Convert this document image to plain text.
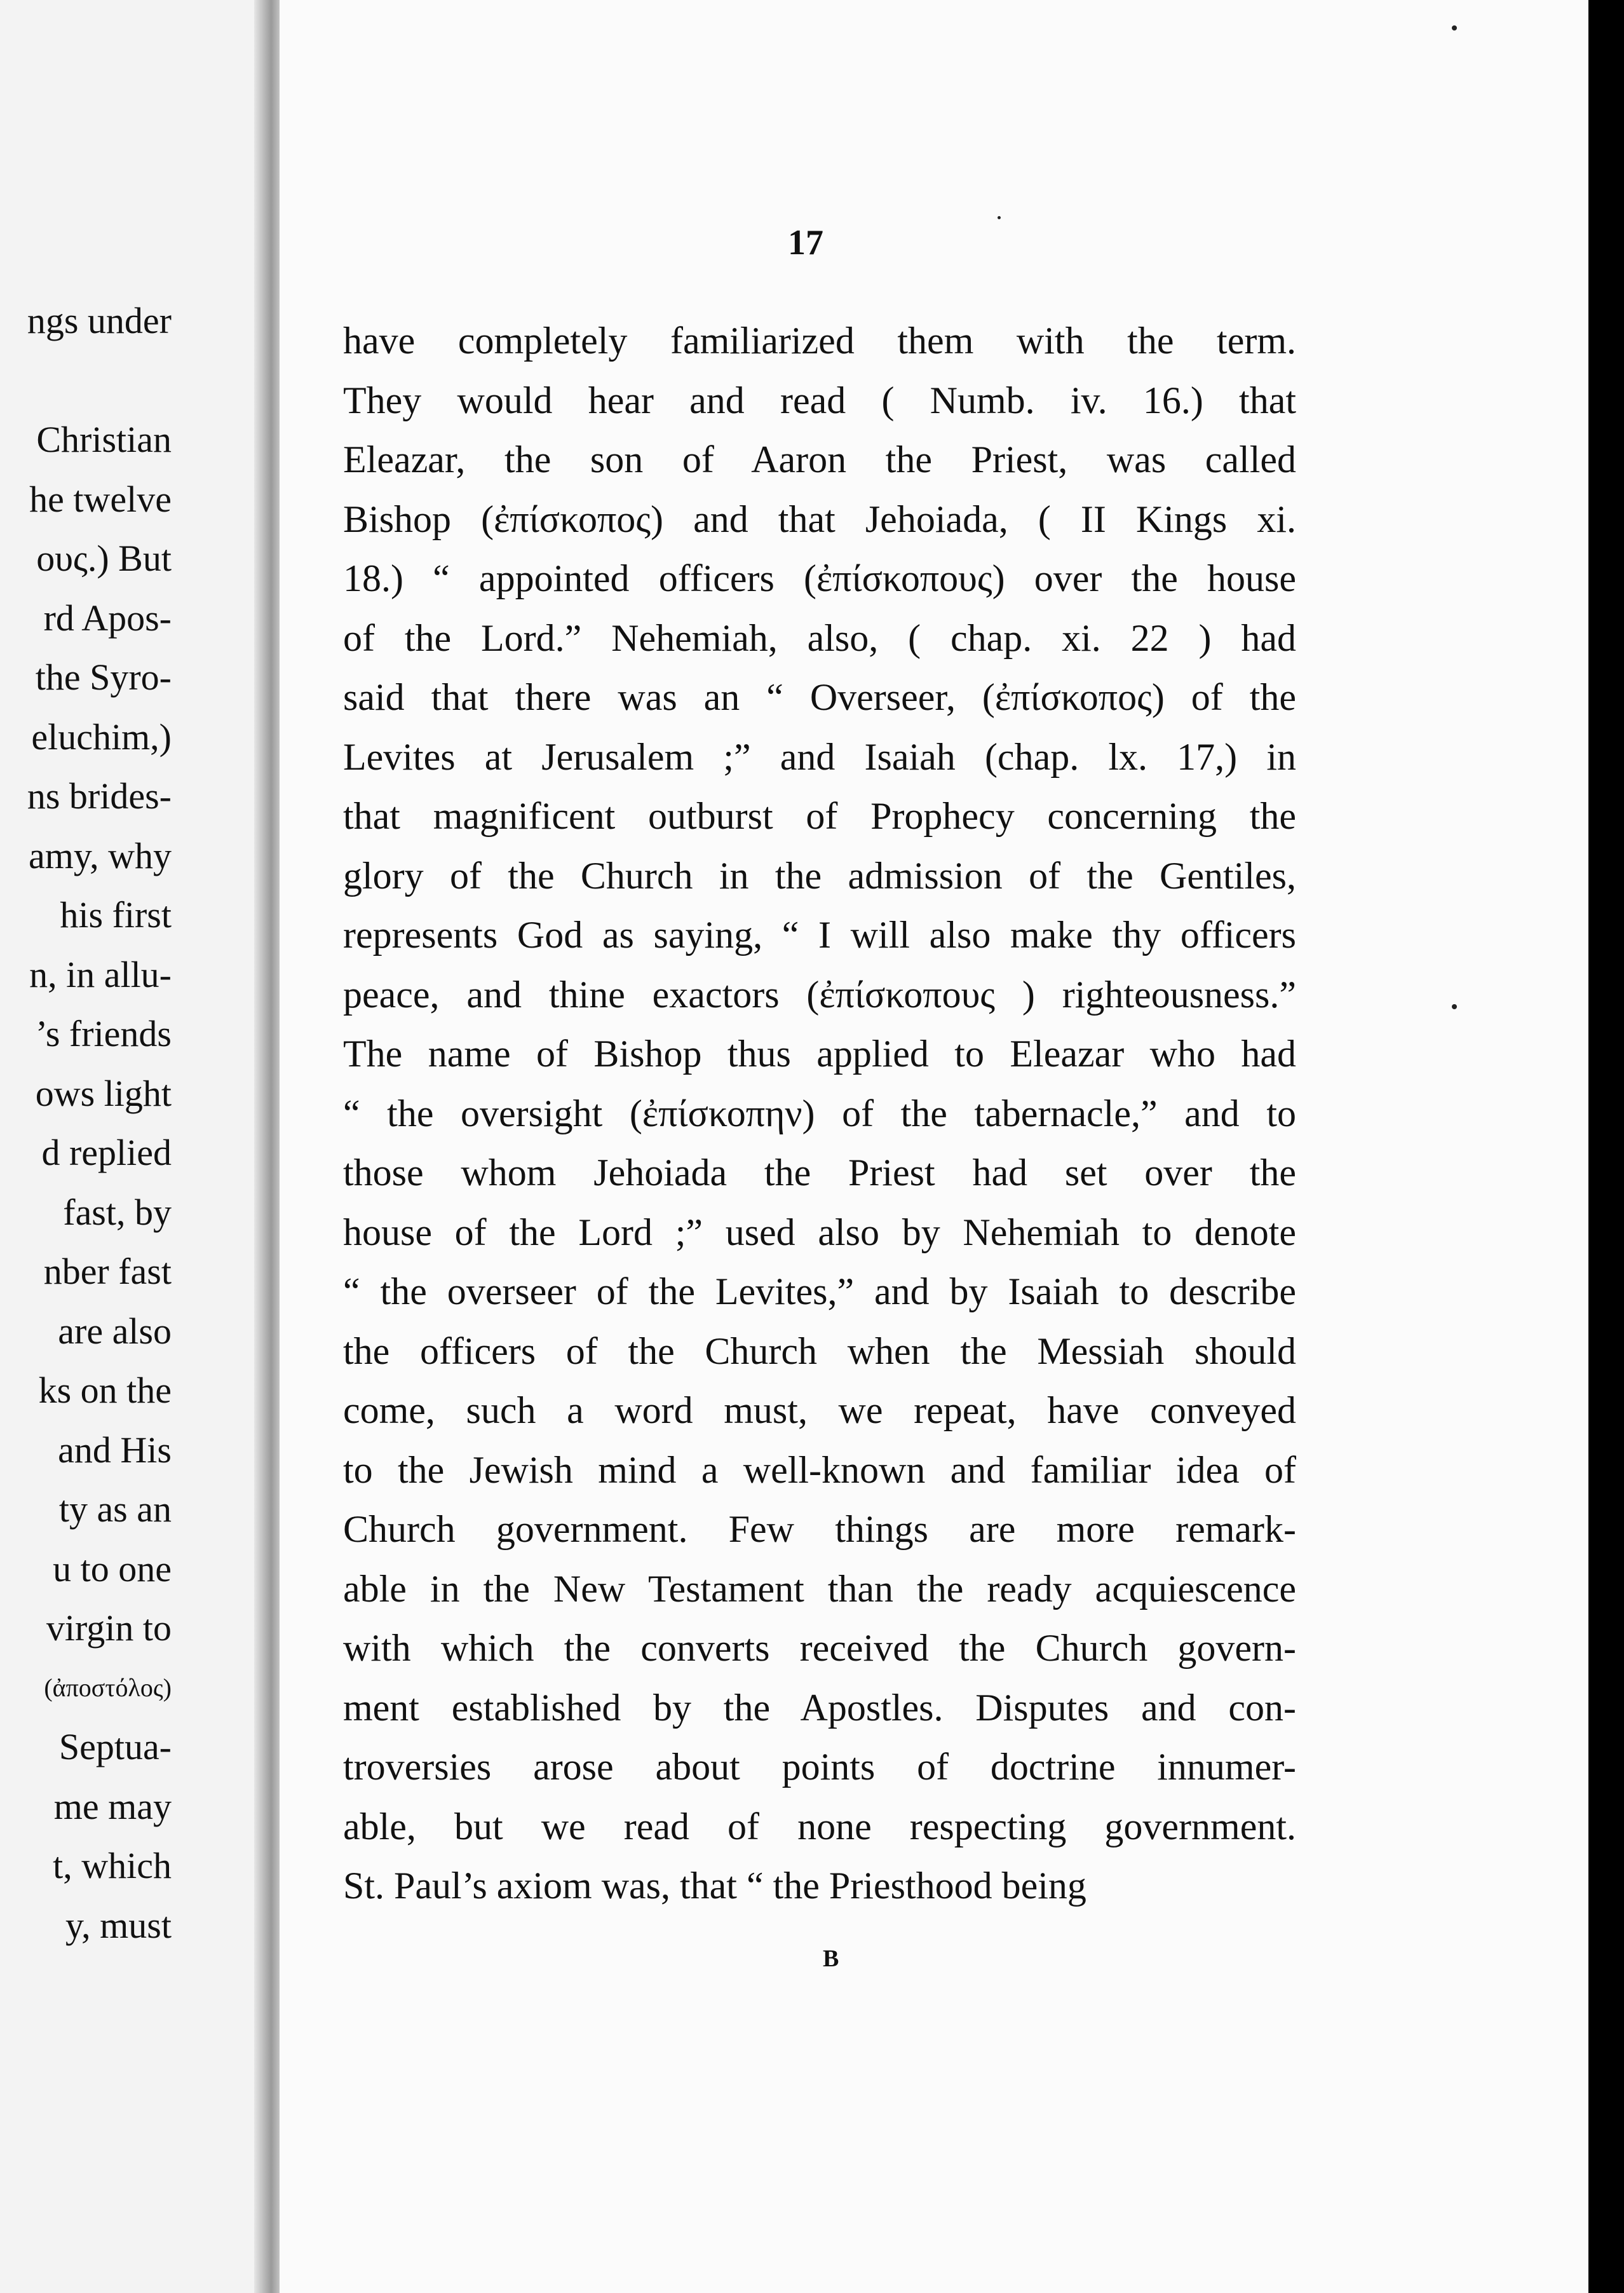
ngs under
Christian
he twelve
ους.) But
rd Apos-
the Syro-
eluchim,)
ns brides-
amy, why
his first
n, in allu-
’s friends
ows light
d replied
fast, by
nber fast
are also
ks on the
and His
ty as an
u to one
virgin to
(ἀποστόλος)
Septua-
me may
t, which
y, must
17
have completely familiarized them with the term.
They would hear and read ( Numb. iv. 16.) that
Eleazar, the son of Aaron the Priest, was called
Bishop (ἐπίσκοπος) and that Jehoiada, ( II Kings xi.
18.) “ appointed officers (ἐπίσκοπους) over the house
of the Lord.” Nehemiah, also, ( chap. xi. 22 ) had
said that there was an “ Overseer, (ἐπίσκοπος) of the
Levites at Jerusalem ;” and Isaiah (chap. lx. 17,) in
that magnificent outburst of Prophecy concerning the
glory of the Church in the admission of the Gentiles,
represents God as saying, “ I will also make thy officers
peace, and thine exactors (ἐπίσκοπους ) righteousness.”
The name of Bishop thus applied to Eleazar who had
“ the oversight (ἐπίσκοπην) of the tabernacle,” and to
those whom Jehoiada the Priest had set over the
house of the Lord ;” used also by Nehemiah to denote
“ the overseer of the Levites,” and by Isaiah to describe
the officers of the Church when the Messiah should
come, such a word must, we repeat, have conveyed
to the Jewish mind a well-known and familiar idea of
Church government. Few things are more remark-
able in the New Testament than the ready acquiescence
with which the converts received the Church govern-
ment established by the Apostles. Disputes and con-
troversies arose about points of doctrine innumer-
able, but we read of none respecting government.
St. Paul’s axiom was, that “ the Priesthood being
B
